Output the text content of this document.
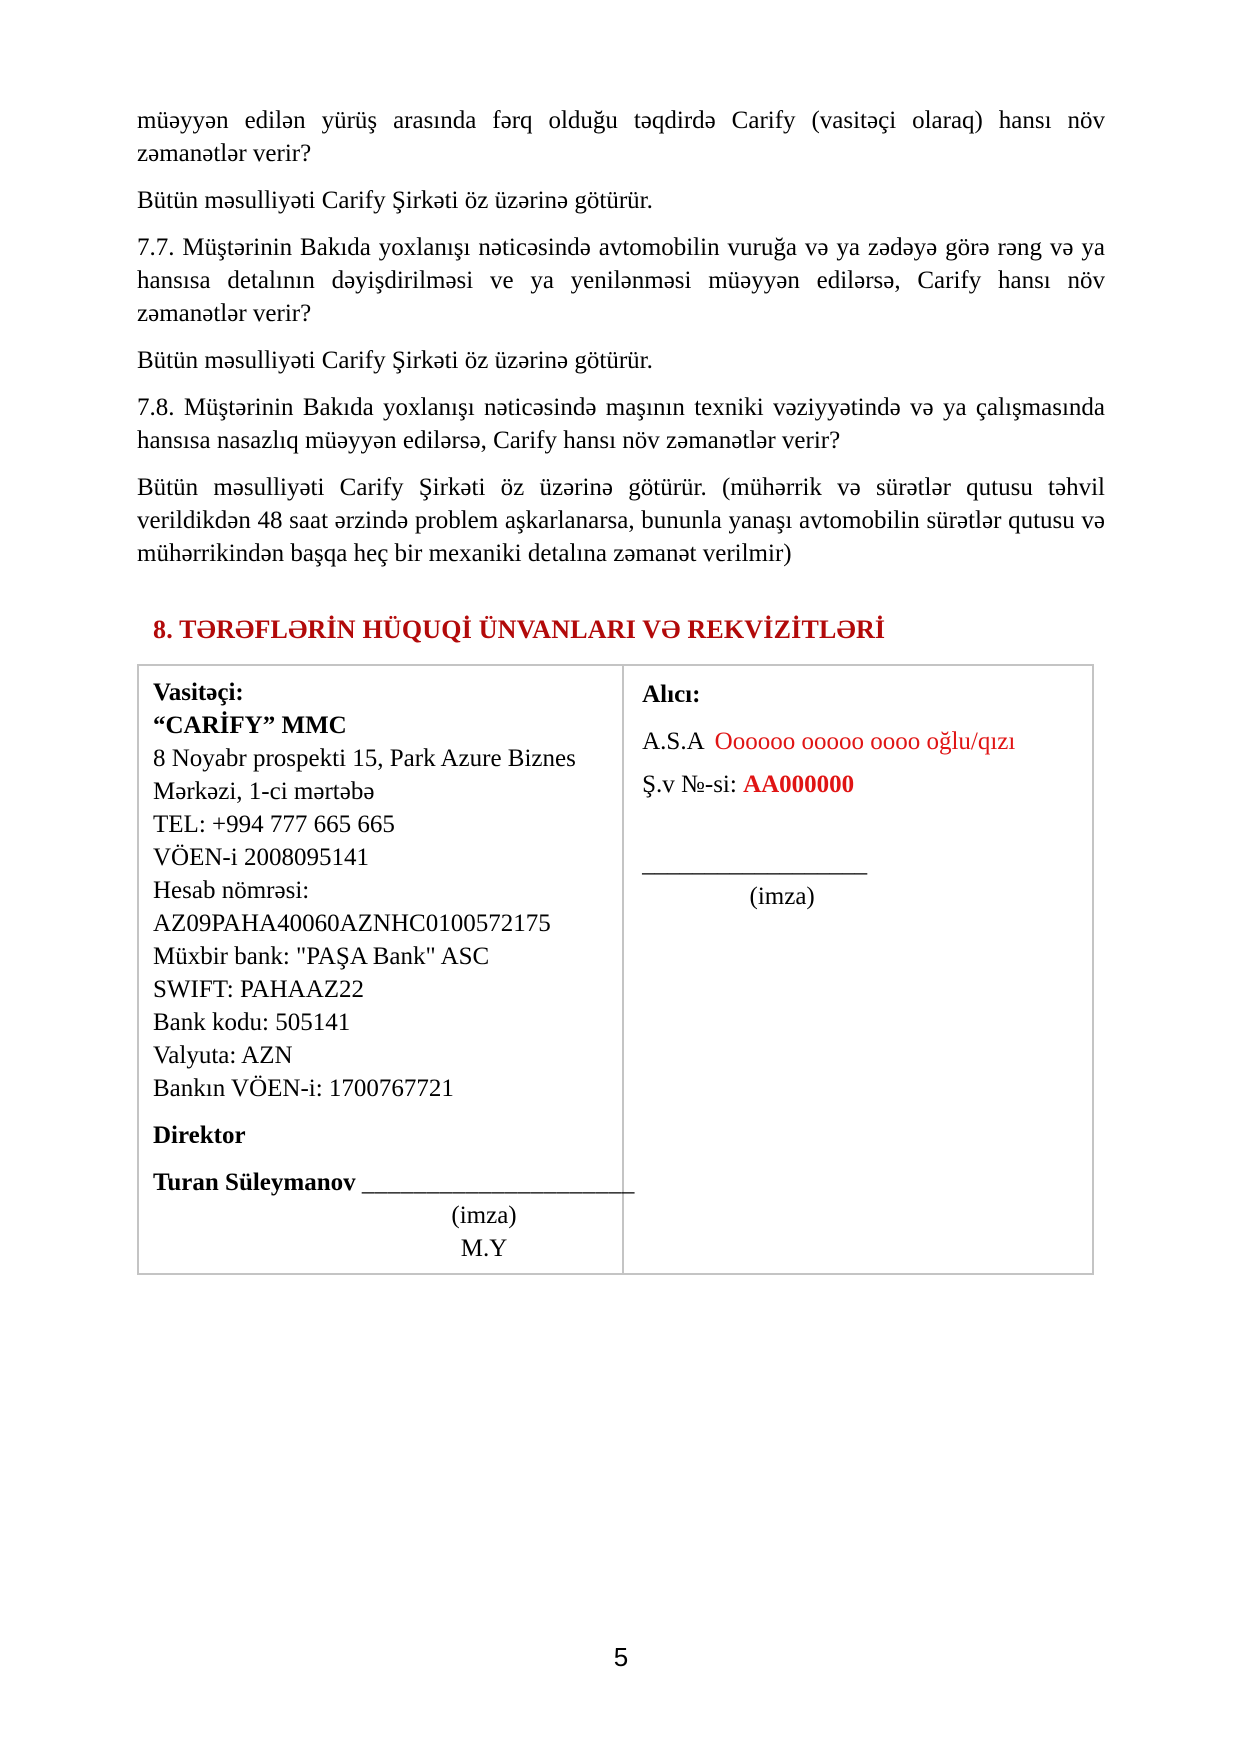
müəyyən edilən yürüş arasında fərq olduğu təqdirdə Carify (vasitəçi olaraq) hansı növ zəmanətlər verir?

Bütün məsulliyəti Carify Şirkəti öz üzərinə götürür.

7.7. Müştərinin Bakıda yoxlanışı nəticəsində avtomobilin vuruğa və ya zədəyə görə rəng və ya hansısa detalının dəyişdirilməsi ve ya yenilənməsi müəyyən edilərsə, Carify hansı növ zəmanətlər verir?

Bütün məsulliyəti Carify Şirkəti öz üzərinə götürür.

7.8. Müştərinin Bakıda yoxlanışı nəticəsində maşının texniki vəziyyətində və ya çalışmasında hansısa nasazlıq müəyyən edilərsə, Carify hansı növ zəmanətlər verir?

Bütün məsulliyəti Carify Şirkəti öz üzərinə götürür. (mühərrik və sürətlər qutusu təhvil verildikdən 48 saat ərzində problem aşkarlanarsa, bununla yanaşı avtomobilin sürətlər qutusu və mühərrikindən başqa heç bir mexaniki detalına zəmanət verilmir)

8. TƏRƏFLƏRİN HÜQUQİ ÜNVANLARI VƏ REKVİZİTLƏRİ
Vasitəçi:
“CARİFY” MMC
8 Noyabr prospekti 15, Park Azure Biznes Mərkəzi, 1-ci mərtəbə
TEL: +994 777 665 665
VÖEN-i 2008095141
Hesab nömrəsi:
AZ09PAHA40060AZNHC0100572175
Müxbir bank: "PAŞA Bank" ASC
SWIFT: PAHAAZ22
Bank kodu: 505141
Valyuta: AZN
Bankın VÖEN-i: 1700767721
Direktor
Turan Süleymanov _____________________
(imza)
M.Y

Alıcı:
A.S.A Oooooo ooooo oooo oğlu/qızı
Ş.v №-si: AA000000
__________________
(imza)
5
